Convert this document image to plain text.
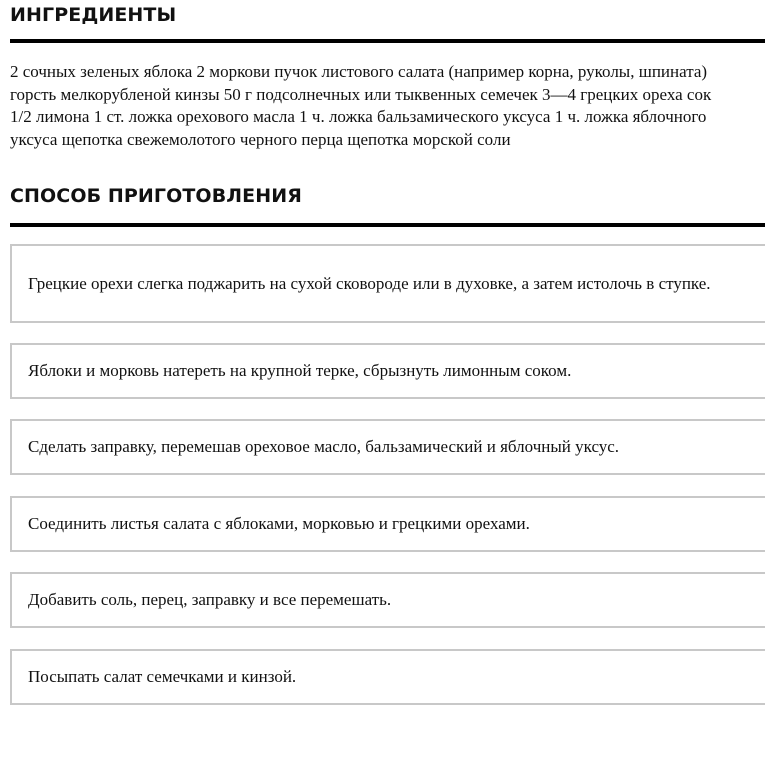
ИНГРЕДИЕНТЫ
2 сочных зеленых яблока 2 моркови пучок листового салата (например корна, руколы, шпината)
горсть мелкорубленой кинзы 50 г подсолнечных или тыквенных семечек 3—4 грецких ореха сок
1/2 лимона 1 ст. ложка орехового масла 1 ч. ложка бальзамического уксуса 1 ч. ложка яблочного
уксуса щепотка свежемолотого черного перца щепотка морской соли
СПОСОБ ПРИГОТОВЛЕНИЯ
Грецкие орехи слегка поджарить на сухой сковороде или в духовке, а затем истолочь в ступке.
Яблоки и морковь натереть на крупной терке, сбрызнуть лимонным соком.
Сделать заправку, перемешав ореховое масло, бальзамический и яблочный уксус.
Соединить листья салата с яблоками, морковью и грецкими орехами.
Добавить соль, перец, заправку и все перемешать.
Посыпать салат семечками и кинзой.
